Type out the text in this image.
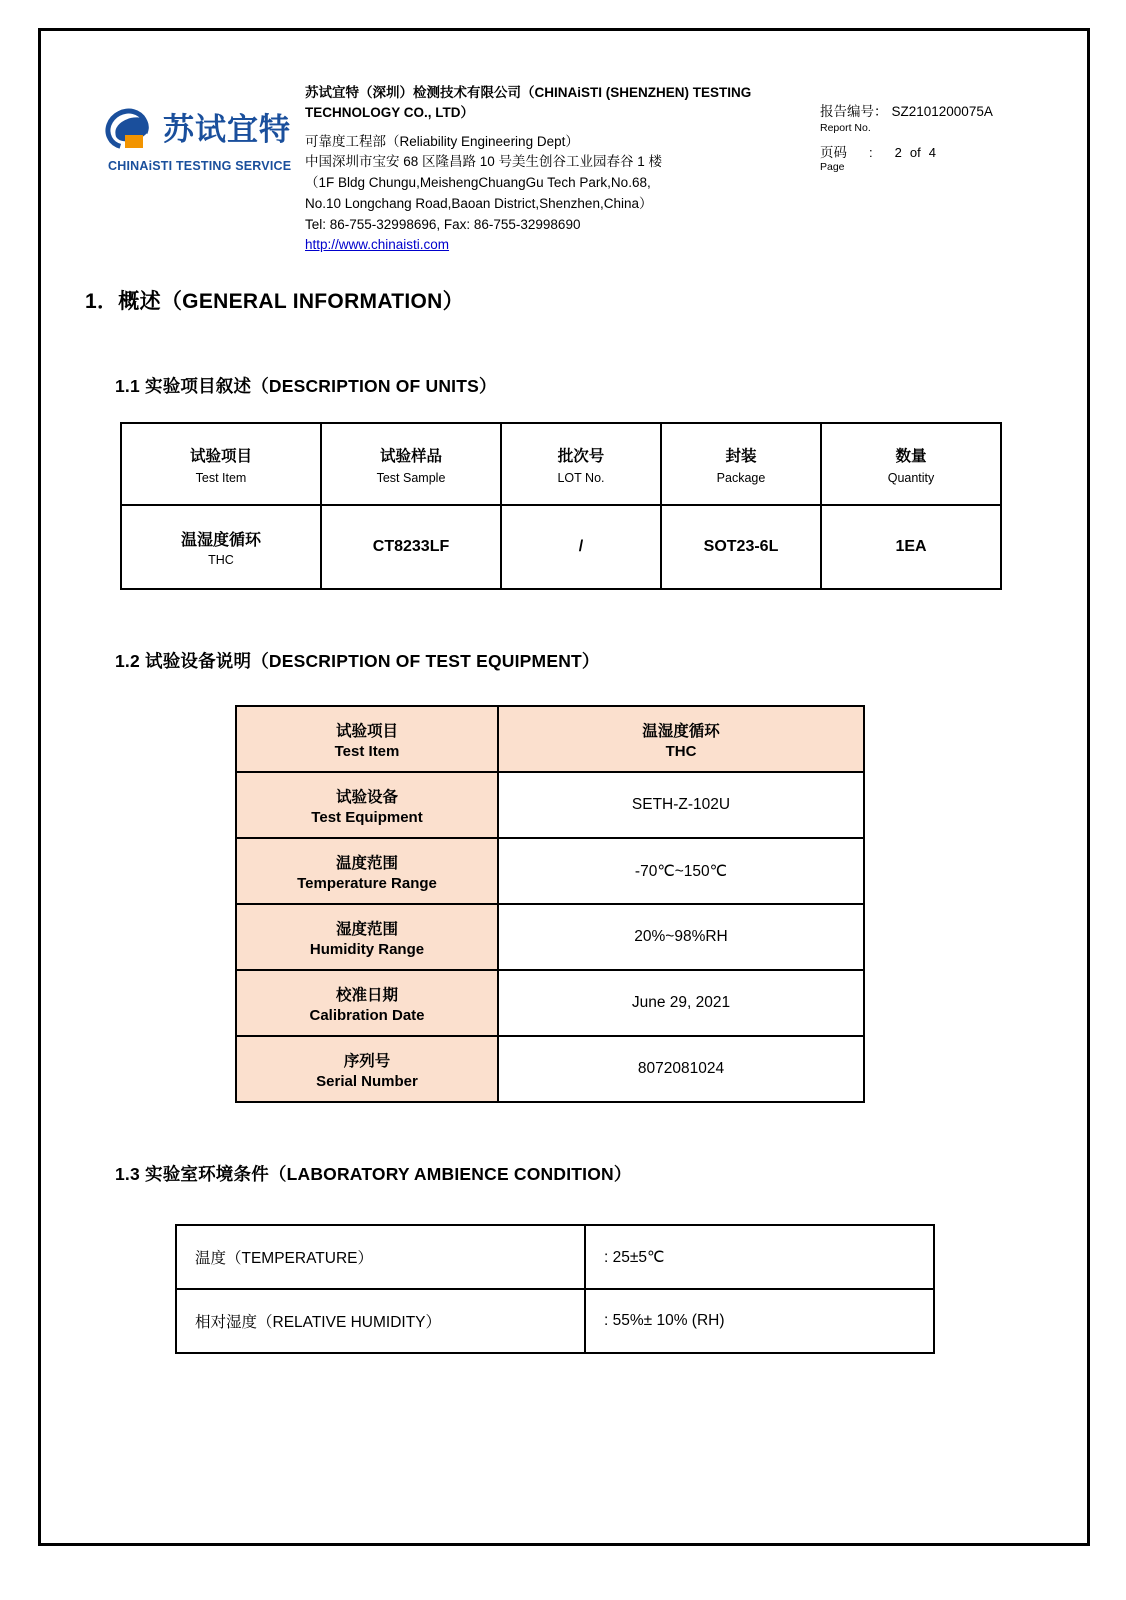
苏试宜特
CHINAiSTI TESTING SERVICE
苏试宜特（深圳）检测技术有限公司（CHINAiSTI (SHENZHEN) TESTING TECHNOLOGY CO., LTD）
可靠度工程部（Reliability Engineering Dept）
中国深圳市宝安 68 区隆昌路 10 号美生创谷工业园春谷 1 楼
（1F Bldg Chungu,MeishengChuangGu Tech Park,No.68,
No.10 Longchang Road,Baoan District,Shenzhen,China）
Tel: 86-755-32998696, Fax: 86-755-32998690
http://www.chinaisti.com
报告编号： SZ2101200075A
Report No.
页码 : 2 of 4
Page
1．概述（GENERAL INFORMATION）
1.1 实验项目叙述（DESCRIPTION OF UNITS）
试验项目
Test Item	试验样品
Test Sample	批次号
LOT No.	封装
Package	数量
Quantity

温湿度循环
THC	CT8233LF	/	SOT23-6L	1EA
1.2 试验设备说明（DESCRIPTION OF TEST EQUIPMENT）
试验项目
Test Item	温湿度循环
THC

试验设备
Test Equipment	SETH-Z-102U
温度范围
Temperature Range	-70℃~150℃
湿度范围
Humidity Range	20%~98%RH
校准日期
Calibration Date	June 29, 2021
序列号
Serial Number	8072081024
1.3 实验室环境条件（LABORATORY AMBIENCE CONDITION）
温度（TEMPERATURE）	: 25±5℃
相对湿度（RELATIVE HUMIDITY）	: 55%± 10% (RH)
